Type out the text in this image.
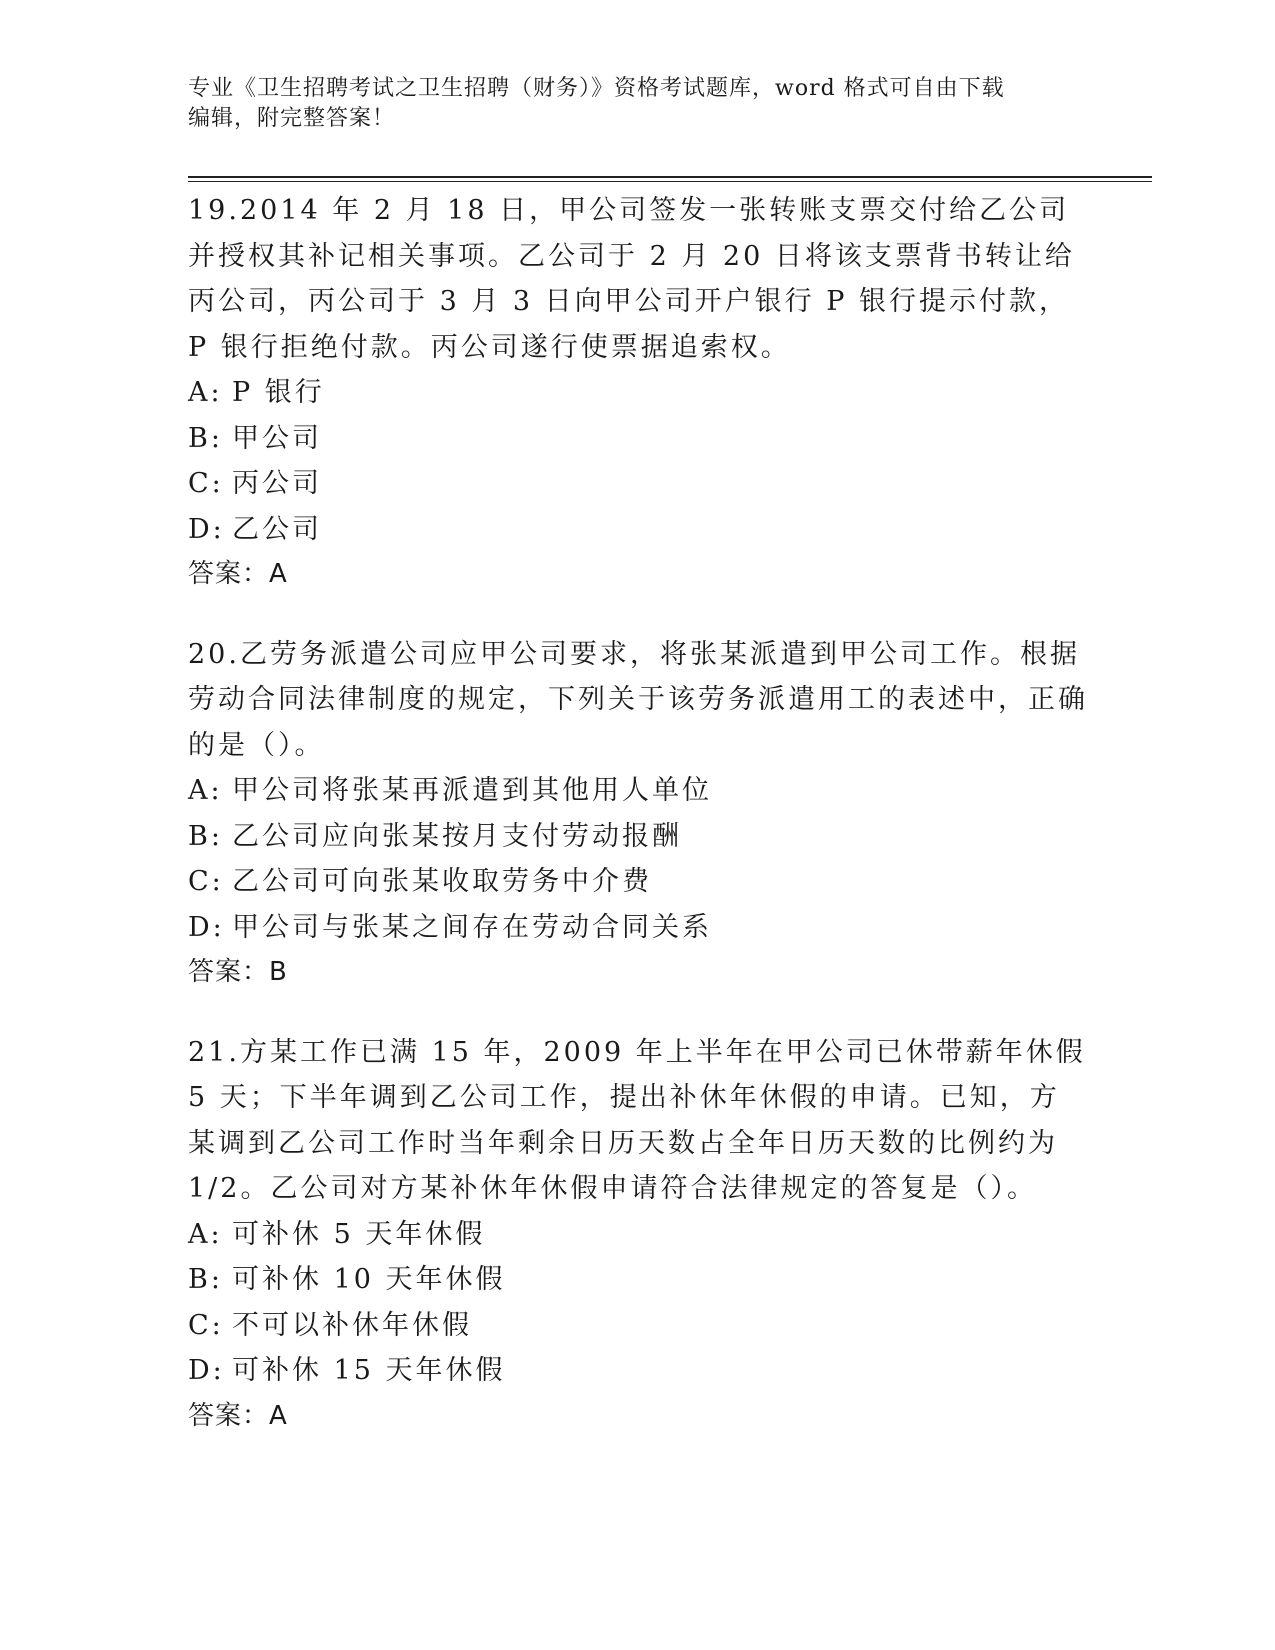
专业《卫生招聘考试之卫生招聘（财务）》资格考试题库，word 格式可自由下载
编辑，附完整答案！

19.2014 年 2 月 18 日，甲公司签发一张转账支票交付给乙公司并授权其补记相关事项。乙公司于 2 月 20 日将该支票背书转让给丙公司，丙公司于 3 月 3 日向甲公司开户银行 P 银行提示付款，P 银行拒绝付款。丙公司遂行使票据追索权。

A: P 银行
B: 甲公司
C: 丙公司
D: 乙公司

答案：A

20.乙劳务派遣公司应甲公司要求，将张某派遣到甲公司工作。根据劳动合同法律制度的规定，下列关于该劳务派遣用工的表述中，正确的是（）。

A: 甲公司将张某再派遣到其他用人单位
B: 乙公司应向张某按月支付劳动报酬
C: 乙公司可向张某收取劳务中介费
D: 甲公司与张某之间存在劳动合同关系

答案：B

21.方某工作已满 15 年，2009 年上半年在甲公司已休带薪年休假 5 天；下半年调到乙公司工作，提出补休年休假的申请。已知，方某调到乙公司工作时当年剩余日历天数占全年日历天数的比例约为 1/2。乙公司对方某补休年休假申请符合法律规定的答复是（）。

A: 可补休 5 天年休假
B: 可补休 10 天年休假
C: 不可以补休年休假
D: 可补休 15 天年休假

答案：A
